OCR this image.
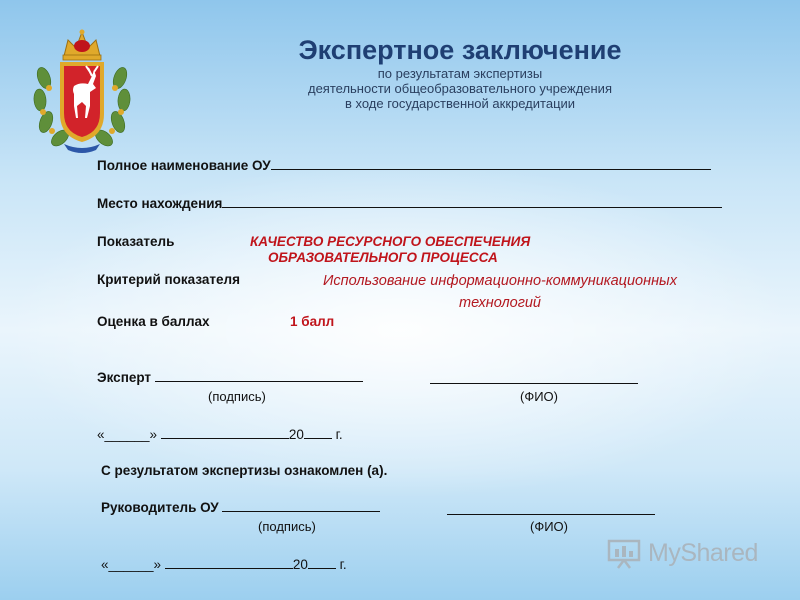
Экспертное заключение
по результатам экспертизы
деятельности общеобразовательного учреждения
в ходе государственной аккредитации
Полное наименование ОУ
Место нахождения
Показатель	КАЧЕСТВО РЕСУРСНОГО ОБЕСПЕЧЕНИЯ
ОБРАЗОВАТЕЛЬНОГО ПРОЦЕССА
Критерий показателя	Использование информационно-коммуникационных
технологий
Оценка в баллах	1 балл
Эксперт
(подпись)	(ФИО)
«______»	20 г.
С результатом экспертизы ознакомлен (а).
Руководитель ОУ
(подпись)	(ФИО)
«______»	20 г.	MyShared
